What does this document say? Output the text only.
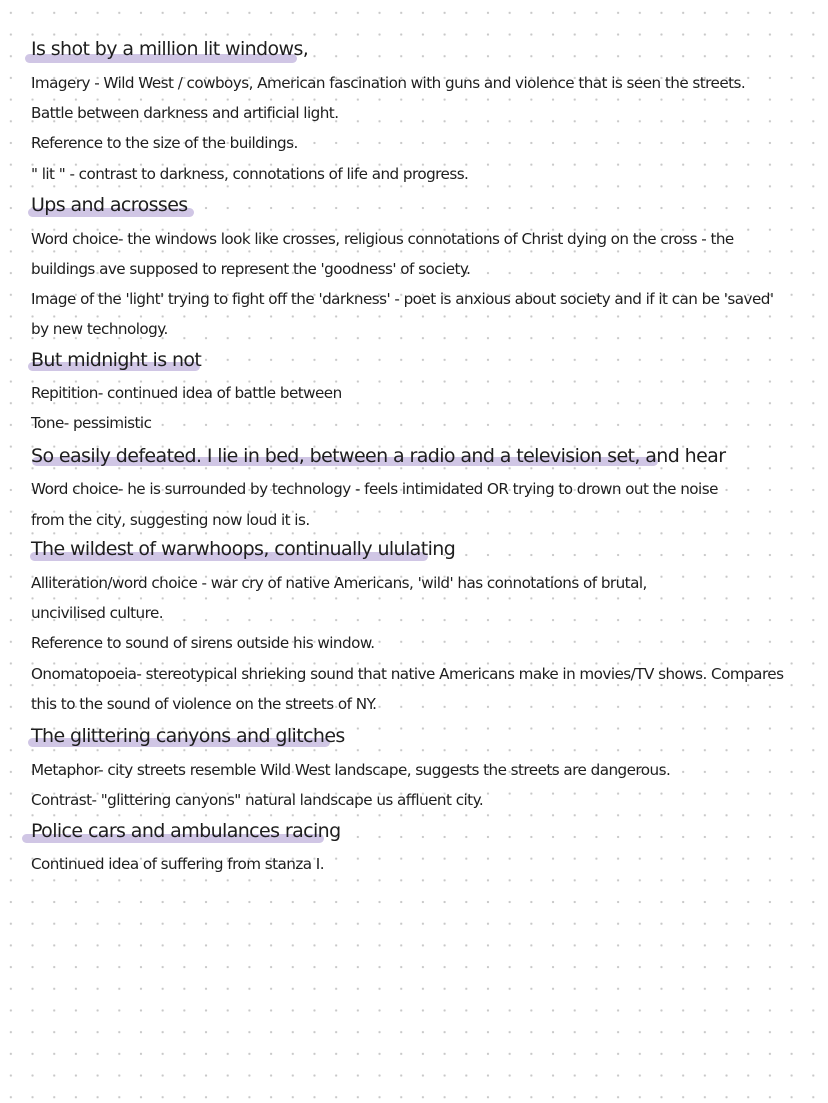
Is shot by a million lit windows,
Imagery - Wild West / cowboys, American fascination with guns and violence that is seen the streets.
Battle between darkness and artificial light.
Reference to the size of the buildings.
" lit " - contrast to darkness, connotations of life and progress.
Ups and acrosses
Word choice- the windows look like crosses, religious connotations of Christ dying on the cross - the
buildings ave supposed to represent the 'goodness' of society.
Image of the 'light' trying to fight off the 'darkness' - poet is anxious about society and if it can be 'saved'
by new technology.
But midnight is not
Repitition- continued idea of battle between
Tone- pessimistic
So easily defeated. I lie in bed, between a radio and a television set, and hear
Word choice- he is surrounded by technology - feels intimidated OR trying to drown out the noise
from the city, suggesting now loud it is.
The wildest of warwhoops, continually ululating
Alliteration/word choice - war cry of native Americans, 'wild' has connotations of brutal,
uncivilised culture.
Reference to sound of sirens outside his window.
Onomatopoeia- stereotypical shrieking sound that native Americans make in movies/TV shows. Compares
this to the sound of violence on the streets of NY.
The glittering canyons and glitches
Metaphor- city streets resemble Wild West landscape, suggests the streets are dangerous.
Contrast- "glittering canyons" natural landscape us affluent city.
Police cars and ambulances racing
Continued idea of suffering from stanza I.
